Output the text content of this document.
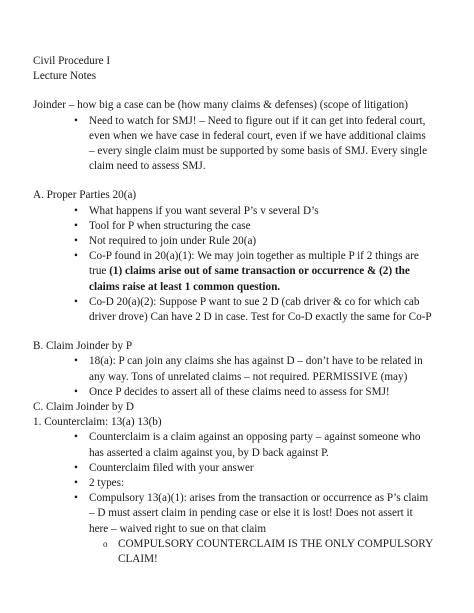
Civil Procedure I

Lecture Notes

Joinder – how big a case can be (how many claims & defenses) (scope of litigation)

• Need to watch for SMJ! – Need to figure out if it can get into federal court, even when we have case in federal court, even if we have additional claims – every single claim must be supported by some basis of SMJ. Every single claim need to assess SMJ.

A. Proper Parties 20(a)

• What happens if you want several P’s v several D’s
• Tool for P when structuring the case
• Not required to join under Rule 20(a)
• Co-P found in 20(a)(1): We may join together as multiple P if 2 things are true (1) claims arise out of same transaction or occurrence & (2) the claims raise at least 1 common question.
• Co-D 20(a)(2): Suppose P want to sue 2 D (cab driver & co for which cab driver drove) Can have 2 D in case. Test for Co-D exactly the same for Co-P

B. Claim Joinder by P

• 18(a): P can join any claims she has against D – don’t have to be related in any way. Tons of unrelated claims – not required. PERMISSIVE (may)
• Once P decides to assert all of these claims need to assess for SMJ!

C. Claim Joinder by D

1. Counterclaim: 13(a) 13(b)

• Counterclaim is a claim against an opposing party – against someone who has asserted a claim against you, by D back against P.
• Counterclaim filed with your answer
• 2 types:
• Compulsory 13(a)(1): arises from the transaction or occurrence as P’s claim – D must assert claim in pending case or else it is lost! Does not assert it here – waived right to sue on that claim
o COMPULSORY COUNTERCLAIM IS THE ONLY COMPULSORY CLAIM!
